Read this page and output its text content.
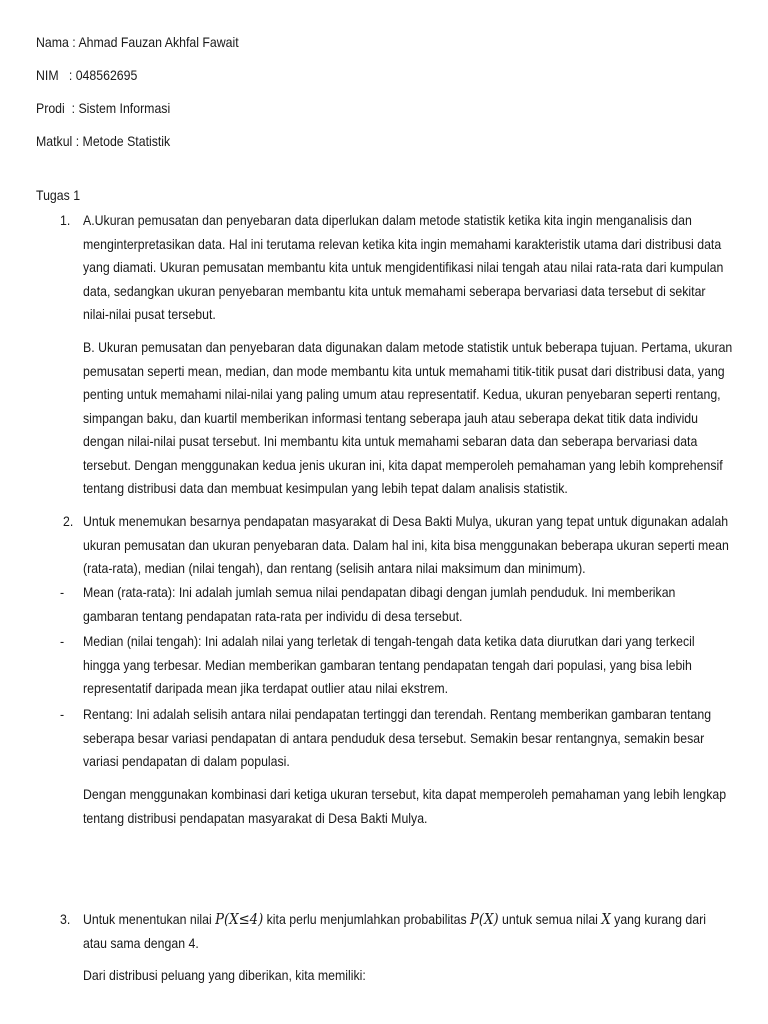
Nama : Ahmad Fauzan Akhfal Fawait
NIM   : 048562695
Prodi  : Sistem Informasi
Matkul : Metode Statistik
Tugas 1
1. A.Ukuran pemusatan dan penyebaran data diperlukan dalam metode statistik ketika kita ingin menganalisis dan menginterpretasikan data. Hal ini terutama relevan ketika kita ingin memahami karakteristik utama dari distribusi data yang diamati. Ukuran pemusatan membantu kita untuk mengidentifikasi nilai tengah atau nilai rata-rata dari kumpulan data, sedangkan ukuran penyebaran membantu kita untuk memahami seberapa bervariasi data tersebut di sekitar nilai-nilai pusat tersebut.
B. Ukuran pemusatan dan penyebaran data digunakan dalam metode statistik untuk beberapa tujuan. Pertama, ukuran pemusatan seperti mean, median, dan mode membantu kita untuk memahami titik-titik pusat dari distribusi data, yang penting untuk memahami nilai-nilai yang paling umum atau representatif. Kedua, ukuran penyebaran seperti rentang, simpangan baku, dan kuartil memberikan informasi tentang seberapa jauh atau seberapa dekat titik data individu dengan nilai-nilai pusat tersebut. Ini membantu kita untuk memahami sebaran data dan seberapa bervariasi data tersebut. Dengan menggunakan kedua jenis ukuran ini, kita dapat memperoleh pemahaman yang lebih komprehensif tentang distribusi data dan membuat kesimpulan yang lebih tepat dalam analisis statistik.
2. Untuk menemukan besarnya pendapatan masyarakat di Desa Bakti Mulya, ukuran yang tepat untuk digunakan adalah ukuran pemusatan dan ukuran penyebaran data. Dalam hal ini, kita bisa menggunakan beberapa ukuran seperti mean (rata-rata), median (nilai tengah), dan rentang (selisih antara nilai maksimum dan minimum).
- Mean (rata-rata): Ini adalah jumlah semua nilai pendapatan dibagi dengan jumlah penduduk. Ini memberikan gambaran tentang pendapatan rata-rata per individu di desa tersebut.
- Median (nilai tengah): Ini adalah nilai yang terletak di tengah-tengah data ketika data diurutkan dari yang terkecil hingga yang terbesar. Median memberikan gambaran tentang pendapatan tengah dari populasi, yang bisa lebih representatif daripada mean jika terdapat outlier atau nilai ekstrem.
- Rentang: Ini adalah selisih antara nilai pendapatan tertinggi dan terendah. Rentang memberikan gambaran tentang seberapa besar variasi pendapatan di antara penduduk desa tersebut. Semakin besar rentangnya, semakin besar variasi pendapatan di dalam populasi.
Dengan menggunakan kombinasi dari ketiga ukuran tersebut, kita dapat memperoleh pemahaman yang lebih lengkap tentang distribusi pendapatan masyarakat di Desa Bakti Mulya.
3. Untuk menentukan nilai P(X≤4) kita perlu menjumlahkan probabilitas P(X) untuk semua nilai X yang kurang dari atau sama dengan 4.
Dari distribusi peluang yang diberikan, kita memiliki:
